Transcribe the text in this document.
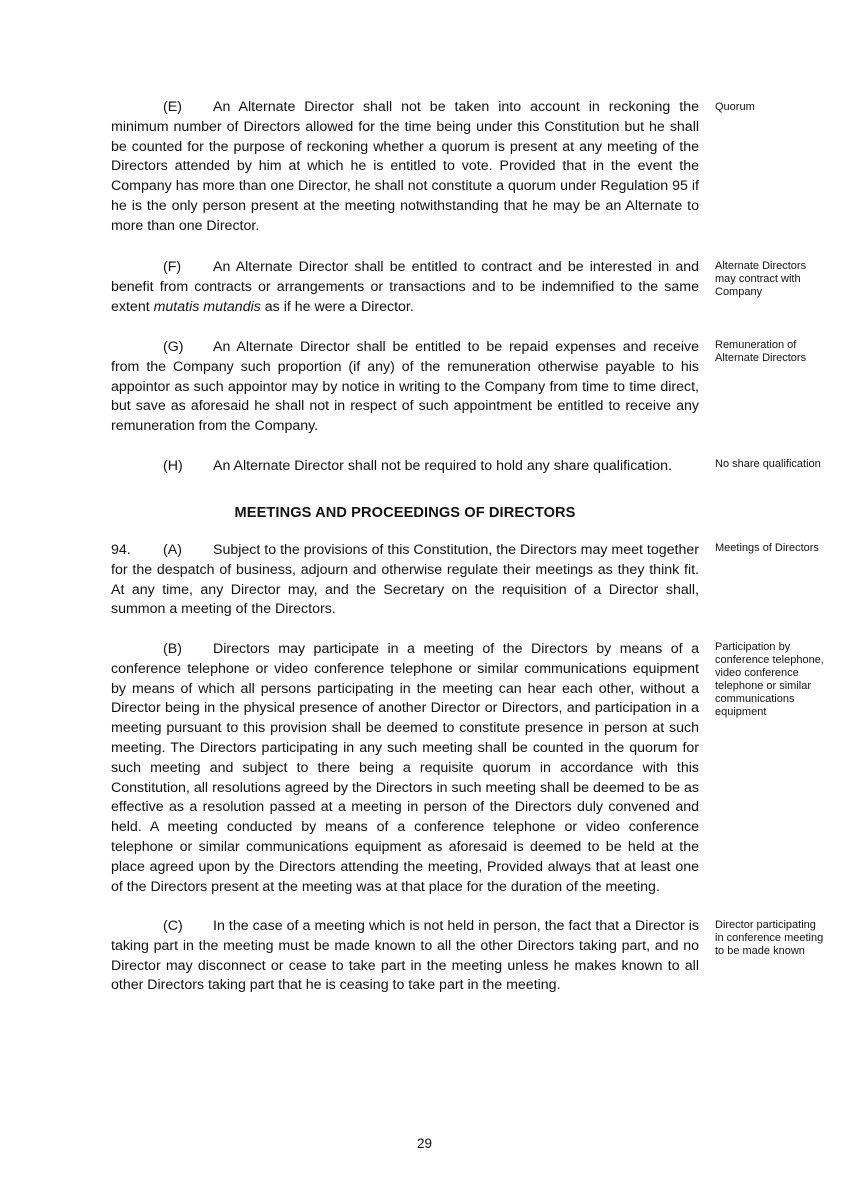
(E) An Alternate Director shall not be taken into account in reckoning the minimum number of Directors allowed for the time being under this Constitution but he shall be counted for the purpose of reckoning whether a quorum is present at any meeting of the Directors attended by him at which he is entitled to vote. Provided that in the event the Company has more than one Director, he shall not constitute a quorum under Regulation 95 if he is the only person present at the meeting notwithstanding that he may be an Alternate to more than one Director.
Quorum
(F) An Alternate Director shall be entitled to contract and be interested in and benefit from contracts or arrangements or transactions and to be indemnified to the same extent mutatis mutandis as if he were a Director.
Alternate Directors may contract with Company
(G) An Alternate Director shall be entitled to be repaid expenses and receive from the Company such proportion (if any) of the remuneration otherwise payable to his appointor as such appointor may by notice in writing to the Company from time to time direct, but save as aforesaid he shall not in respect of such appointment be entitled to receive any remuneration from the Company.
Remuneration of Alternate Directors
(H) An Alternate Director shall not be required to hold any share qualification.	No share qualification
MEETINGS AND PROCEEDINGS OF DIRECTORS
94. (A) Subject to the provisions of this Constitution, the Directors may meet together for the despatch of business, adjourn and otherwise regulate their meetings as they think fit. At any time, any Director may, and the Secretary on the requisition of a Director shall, summon a meeting of the Directors.
Meetings of Directors
(B) Directors may participate in a meeting of the Directors by means of a conference telephone or video conference telephone or similar communications equipment by means of which all persons participating in the meeting can hear each other, without a Director being in the physical presence of another Director or Directors, and participation in a meeting pursuant to this provision shall be deemed to constitute presence in person at such meeting. The Directors participating in any such meeting shall be counted in the quorum for such meeting and subject to there being a requisite quorum in accordance with this Constitution, all resolutions agreed by the Directors in such meeting shall be deemed to be as effective as a resolution passed at a meeting in person of the Directors duly convened and held. A meeting conducted by means of a conference telephone or video conference telephone or similar communications equipment as aforesaid is deemed to be held at the place agreed upon by the Directors attending the meeting, Provided always that at least one of the Directors present at the meeting was at that place for the duration of the meeting.
Participation by conference telephone, video conference telephone or similar communications equipment
(C) In the case of a meeting which is not held in person, the fact that a Director is taking part in the meeting must be made known to all the other Directors taking part, and no Director may disconnect or cease to take part in the meeting unless he makes known to all other Directors taking part that he is ceasing to take part in the meeting.
Director participating in conference meeting to be made known
29
